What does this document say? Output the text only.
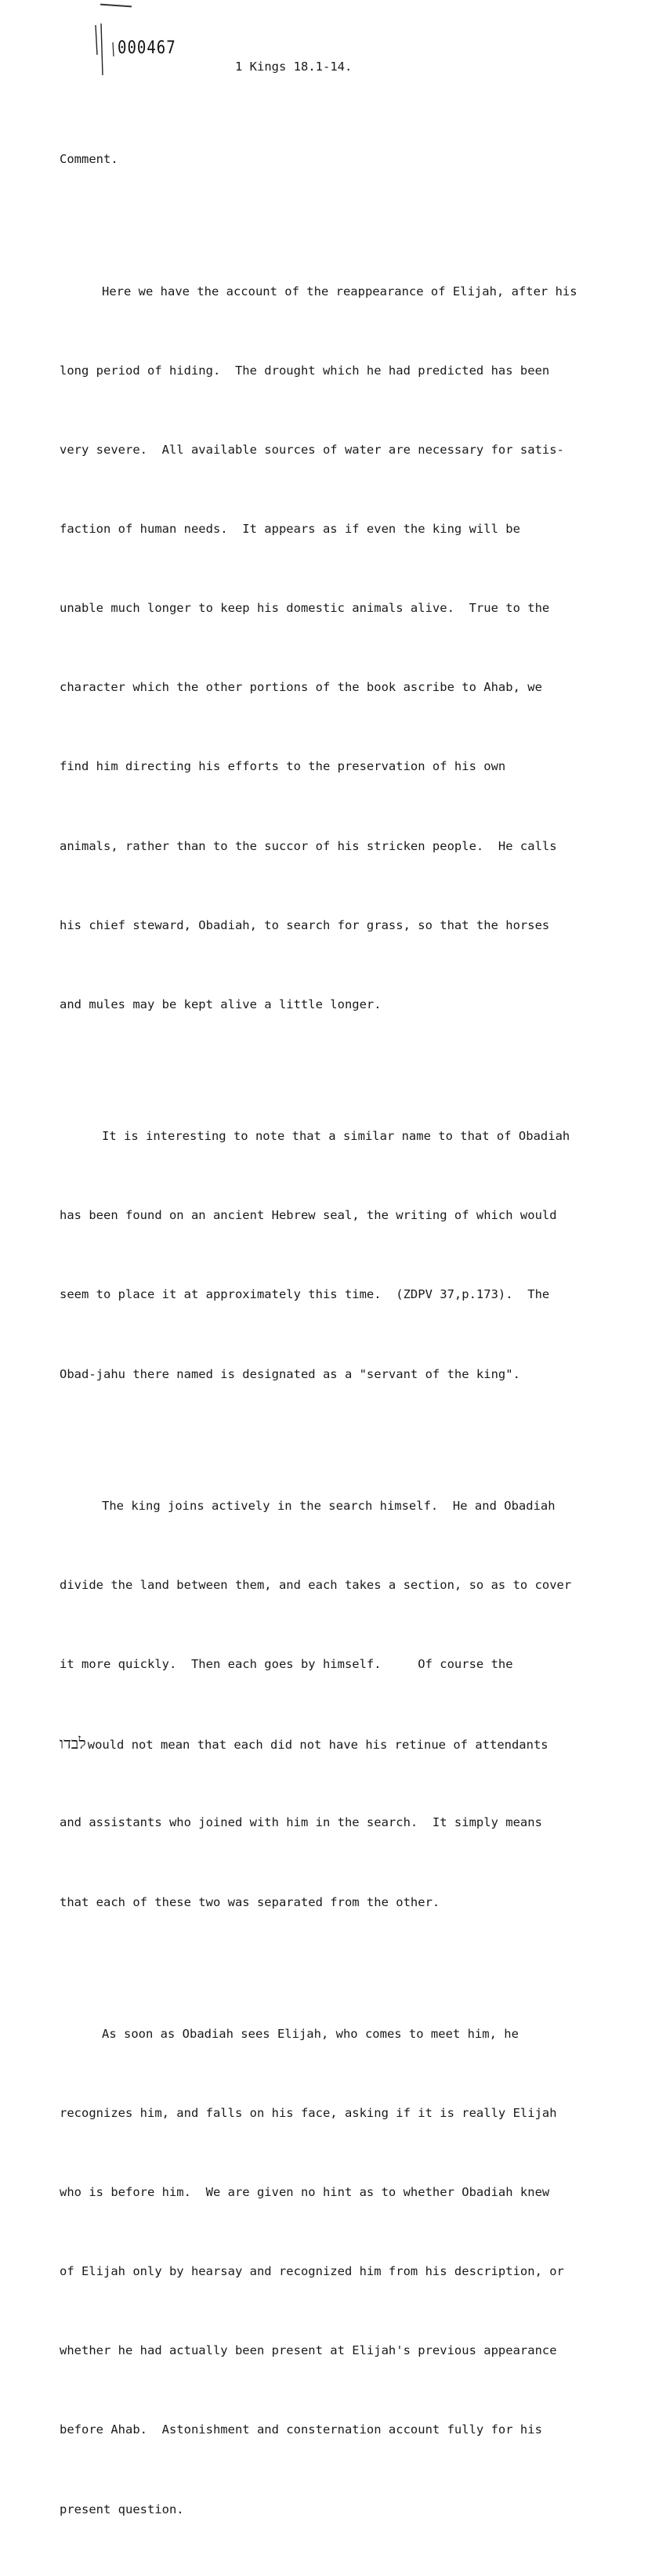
000467
1 Kings 18.1-14.

Comment.

Here we have the account of the reappearance of Elijah, after his

long period of hiding.  The drought which he had predicted has been

very severe.  All available sources of water are necessary for satis-

faction of human needs.  It appears as if even the king will be

unable much longer to keep his domestic animals alive.  True to the

character which the other portions of the book ascribe to Ahab, we

find him directing his efforts to the preservation of his own

animals, rather than to the succor of his stricken people.  He calls

his chief steward, Obadiah, to search for grass, so that the horses

and mules may be kept alive a little longer.

It is interesting to note that a similar name to that of Obadiah

has been found on an ancient Hebrew seal, the writing of which would

seem to place it at approximately this time.  (ZDPV 37,p.173).  The

Obad-jahu there named is designated as a "servant of the king".

The king joins actively in the search himself.  He and Obadiah

divide the land between them, and each takes a section, so as to cover

it more quickly.  Then each goes by himself.     Of course the

לבדו would not mean that each did not have his retinue of attendants

and assistants who joined with him in the search.  It simply means

that each of these two was separated from the other.

As soon as Obadiah sees Elijah, who comes to meet him, he

recognizes him, and falls on his face, asking if it is really Elijah

who is before him.  We are given no hint as to whether Obadiah knew

of Elijah only by hearsay and recognized him from his description, or

whether he had actually been present at Elijah's previous appearance

before Ahab.  Astonishment and consternation account fully for his

present question.
